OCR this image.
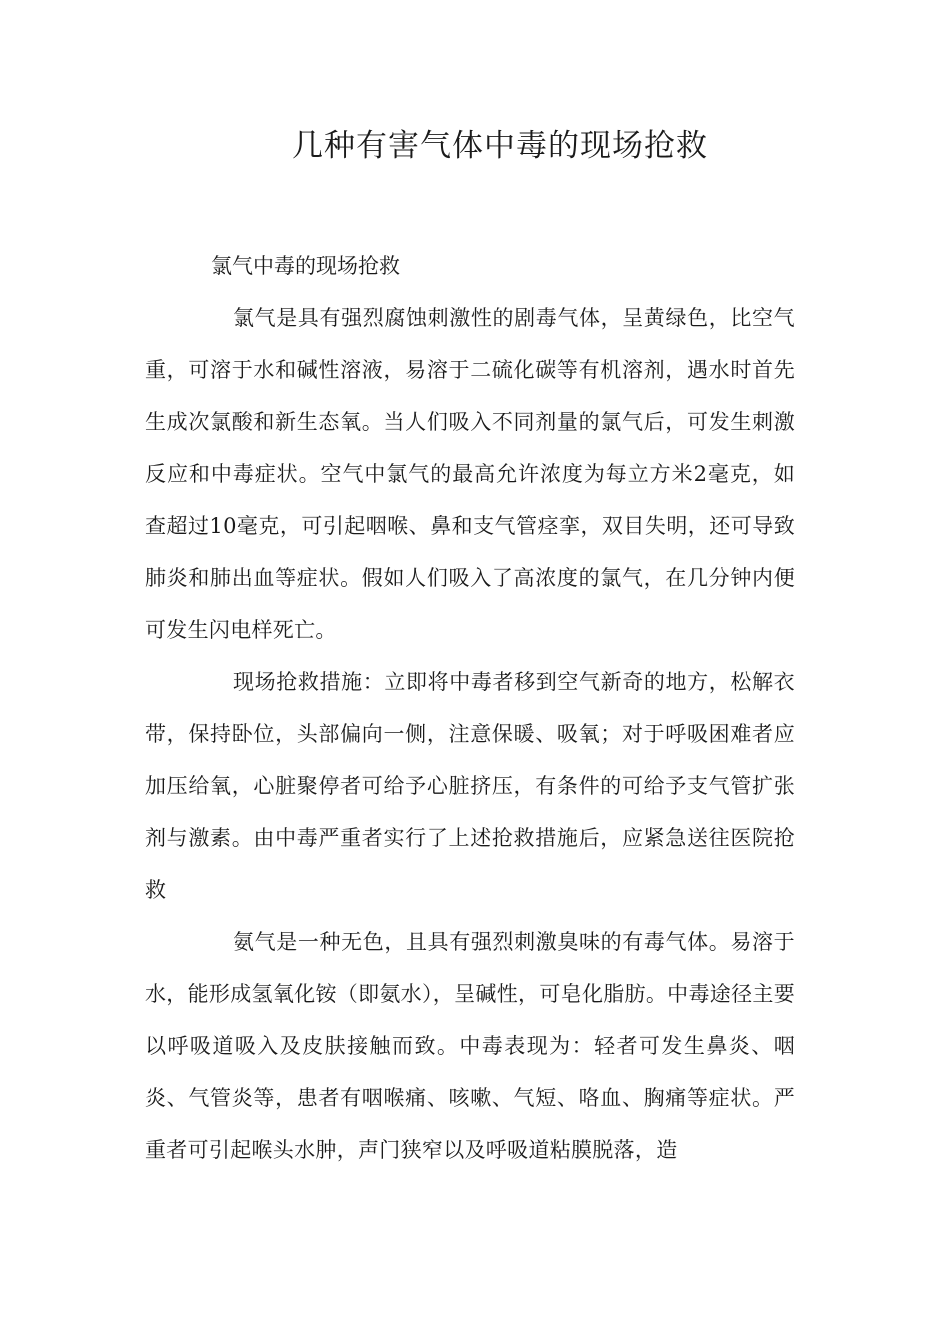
几种有害气体中毒的现场抢救

氯气中毒的现场抢救

氯气是具有强烈腐蚀刺激性的剧毒气体，呈黄绿色，比空气重，可溶于水和碱性溶液，易溶于二硫化碳等有机溶剂，遇水时首先生成次氯酸和新生态氧。当人们吸入不同剂量的氯气后，可发生刺激反应和中毒症状。空气中氯气的最高允许浓度为每立方米2毫克，如查超过10毫克，可引起咽喉、鼻和支气管痉挛，双目失明，还可导致肺炎和肺出血等症状。假如人们吸入了高浓度的氯气，在几分钟内便可发生闪电样死亡。

现场抢救措施：立即将中毒者移到空气新奇的地方，松解衣带，保持卧位，头部偏向一侧，注意保暖、吸氧；对于呼吸困难者应加压给氧，心脏聚停者可给予心脏挤压，有条件的可给予支气管扩张剂与激素。由中毒严重者实行了上述抢救措施后，应紧急送往医院抢救

氨气是一种无色，且具有强烈刺激臭味的有毒气体。易溶于水，能形成氢氧化铵（即氨水），呈碱性，可皂化脂肪。中毒途径主要以呼吸道吸入及皮肤接触而致。中毒表现为：轻者可发生鼻炎、咽炎、气管炎等，患者有咽喉痛、咳嗽、气短、咯血、胸痛等症状。严重者可引起喉头水肿，声门狭窄以及呼吸道粘膜脱落，造
